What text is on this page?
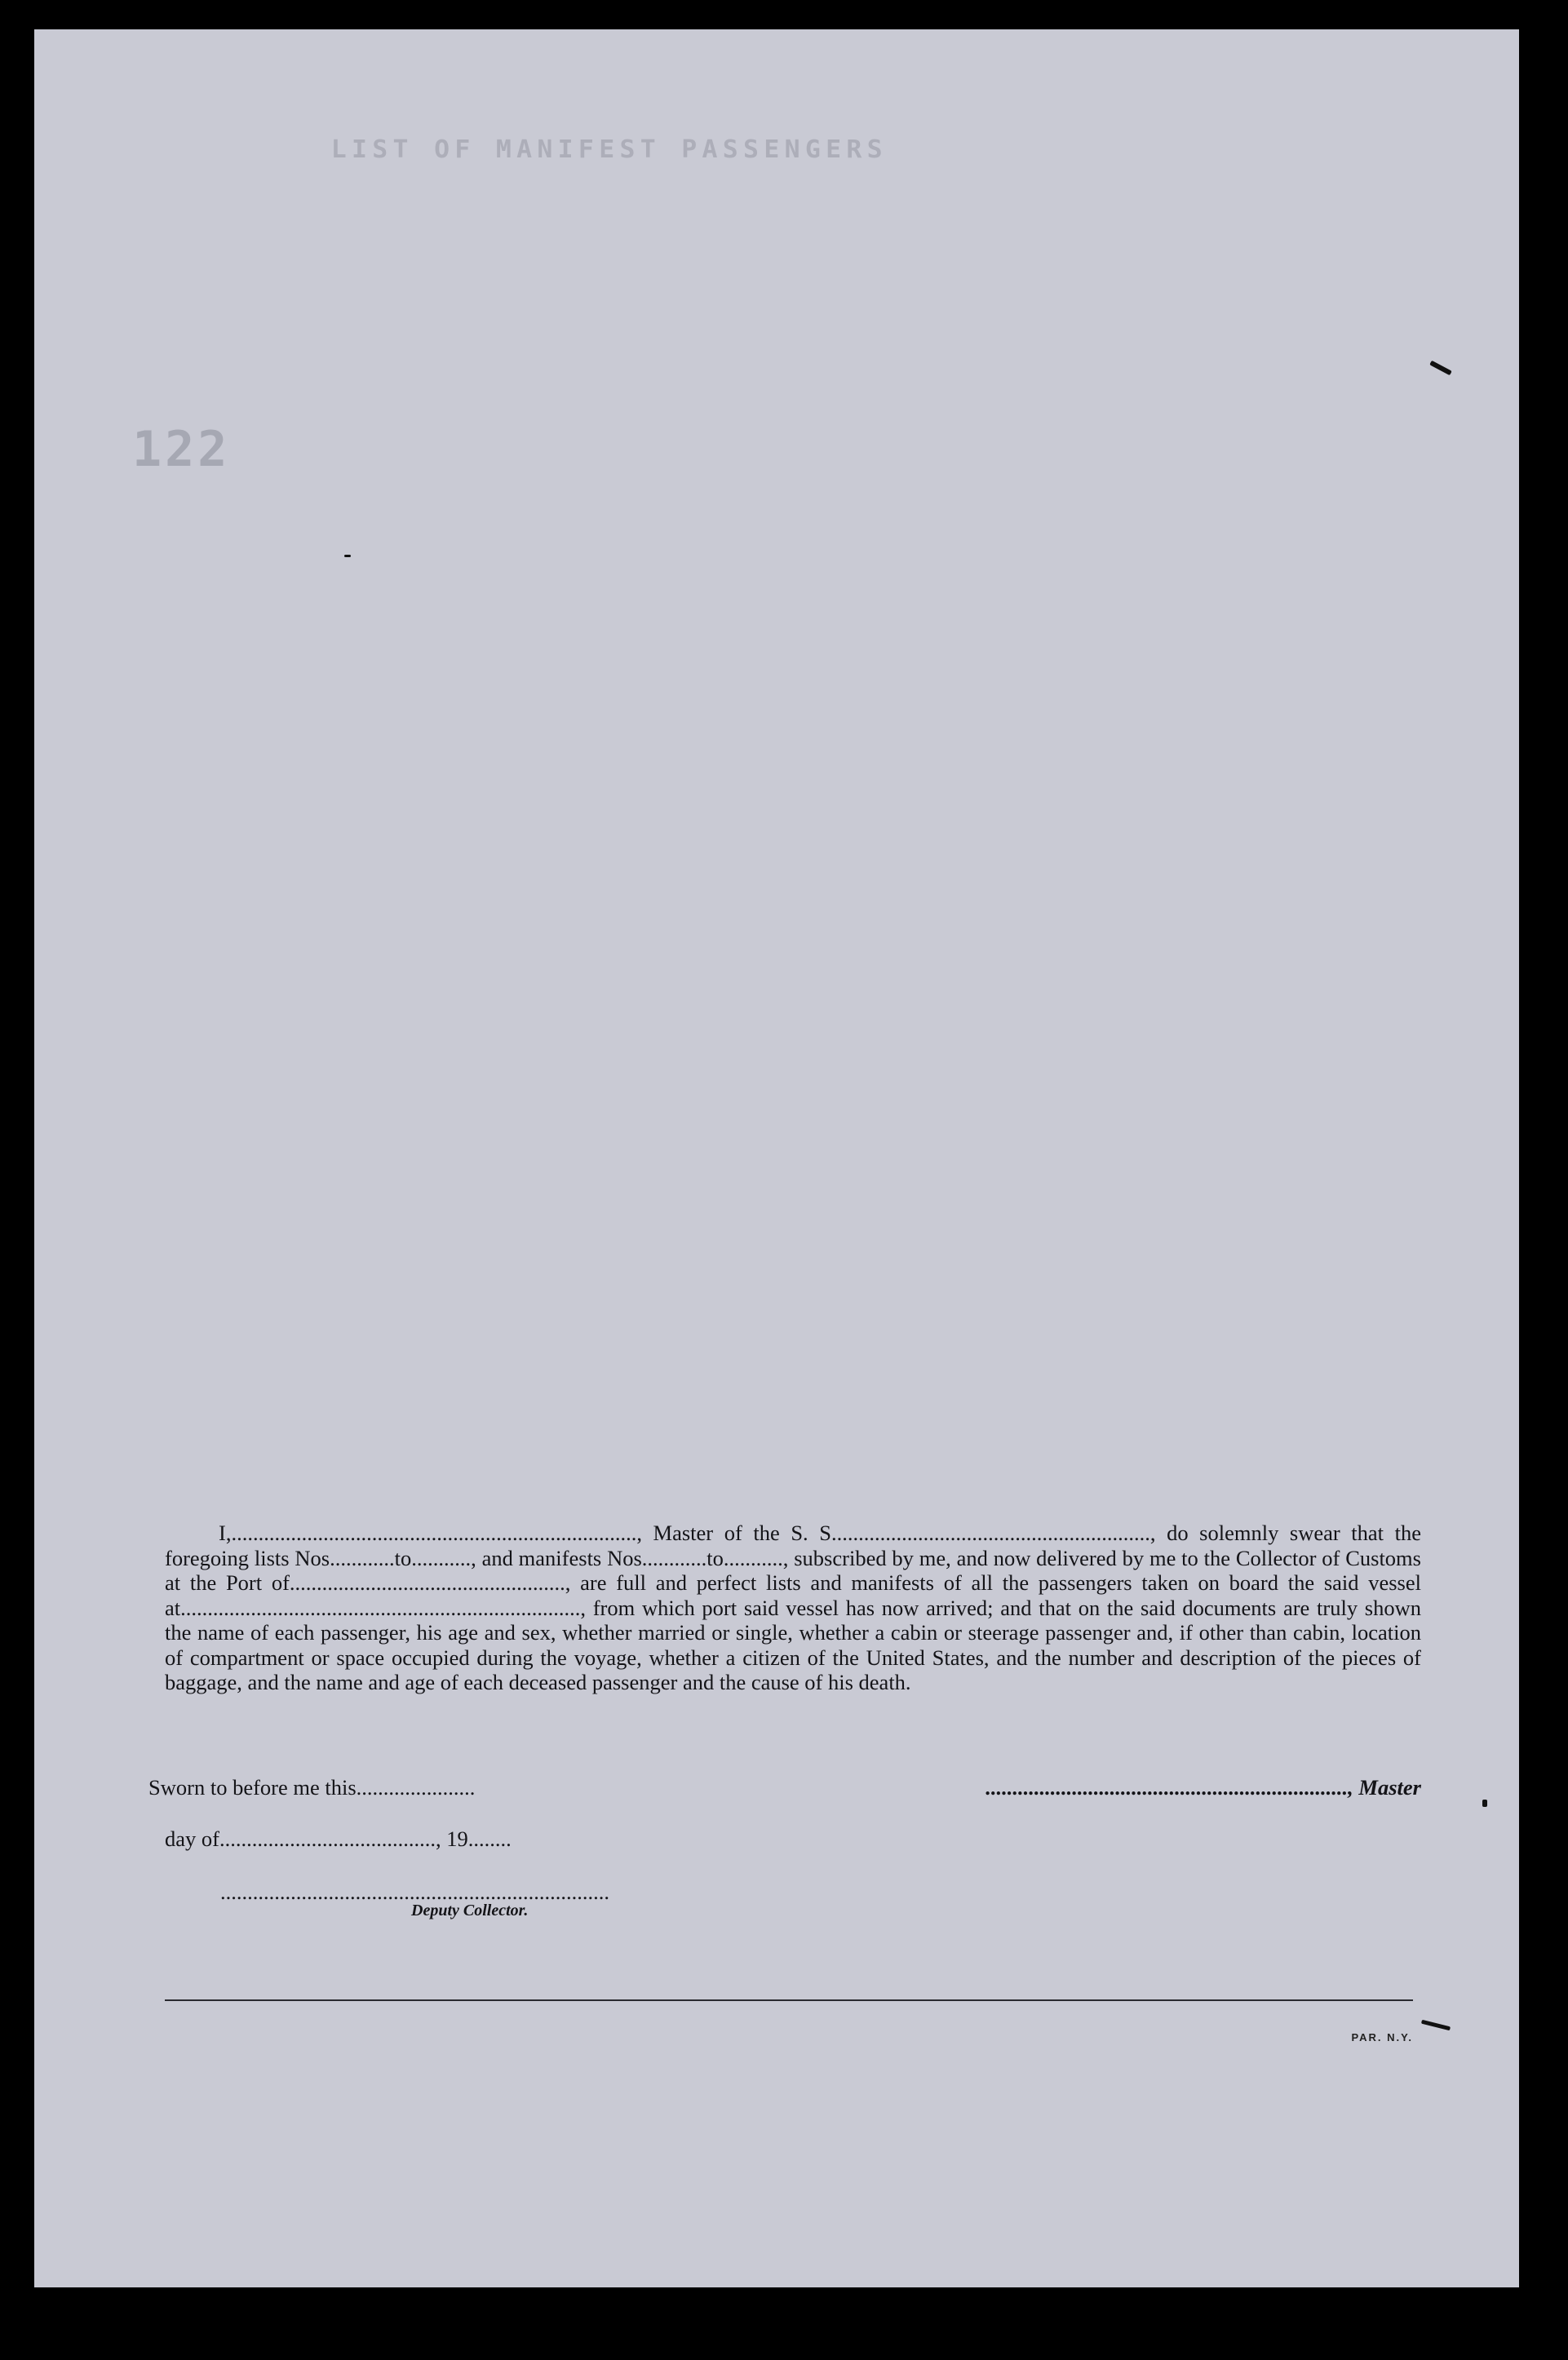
LIST OF MANIFEST PASSENGERS
122

I,..........................................................................., Master of the S. S..........................................................., do solemnly swear that the foregoing lists Nos............to..........., and manifests Nos............to..........., subscribed by me, and now delivered by me to the Collector of Customs at the Port of..................................................., are full and perfect lists and manifests of all the passengers taken on board the said vessel at.........................................................................., from which port said vessel has now arrived; and that on the said documents are truly shown the name of each passenger, his age and sex, whether married or single, whether a cabin or steerage passenger and, if other than cabin, location of compartment or space occupied during the voyage, whether a citizen of the United States, and the number and description of the pieces of baggage, and the name and age of each deceased passenger and the cause of his death.

Sworn to before me this......................	..................................................................., Master
day of........................................, 19........
........................................................................
Deputy Collector.
PAR. N.Y.
